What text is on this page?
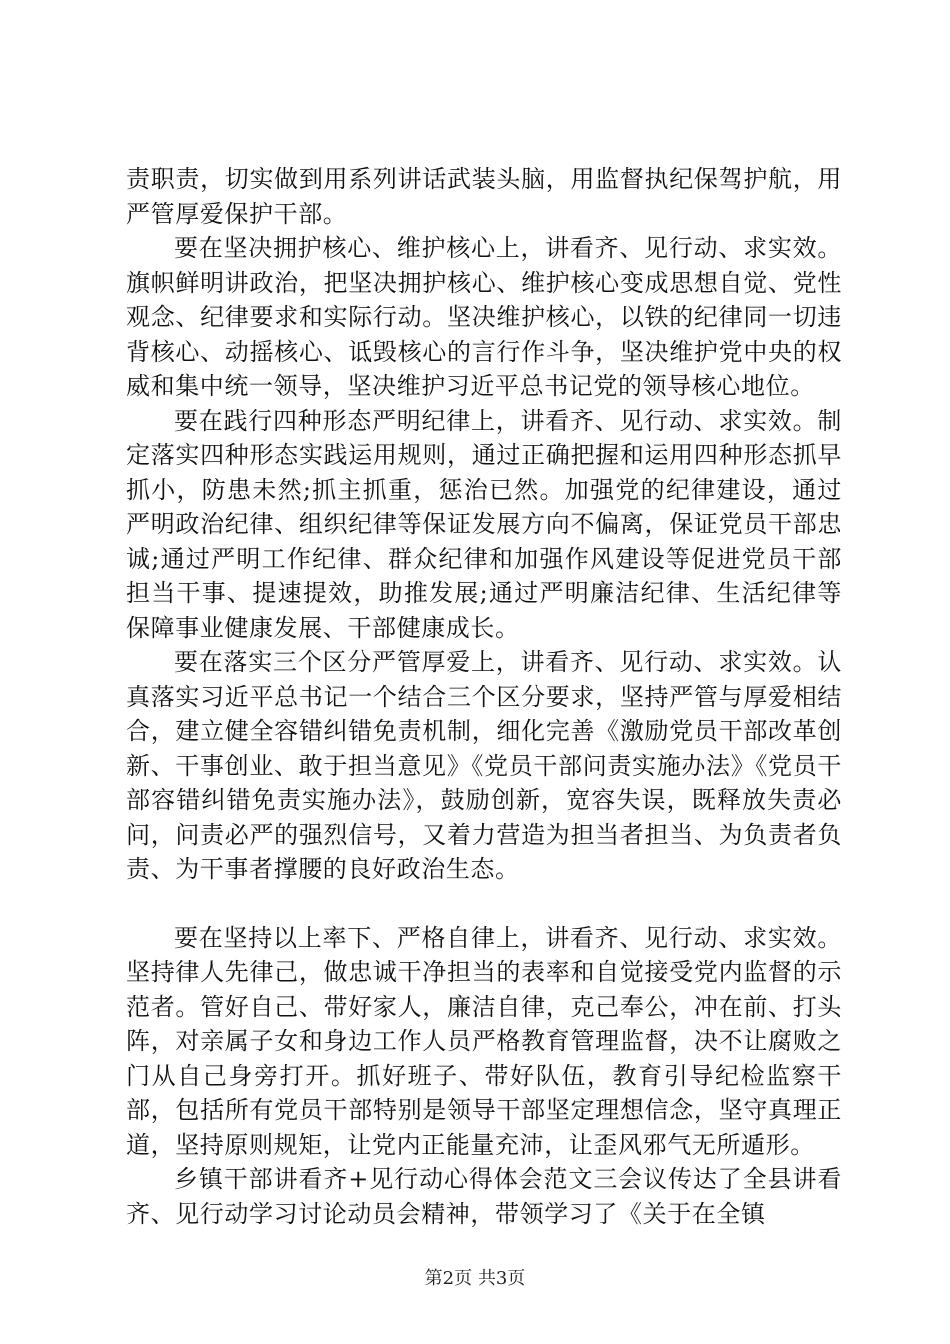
责职责，切实做到用系列讲话武装头脑，用监督执纪保驾护航，用严管厚爱保护干部。

要在坚决拥护核心、维护核心上，讲看齐、见行动、求实效。旗帜鲜明讲政治，把坚决拥护核心、维护核心变成思想自觉、党性观念、纪律要求和实际行动。坚决维护核心，以铁的纪律同一切违背核心、动摇核心、诋毁核心的言行作斗争，坚决维护党中央的权威和集中统一领导，坚决维护习近平总书记党的领导核心地位。

要在践行四种形态严明纪律上，讲看齐、见行动、求实效。制定落实四种形态实践运用规则，通过正确把握和运用四种形态抓早抓小，防患未然;抓主抓重，惩治已然。加强党的纪律建设，通过严明政治纪律、组织纪律等保证发展方向不偏离，保证党员干部忠诚;通过严明工作纪律、群众纪律和加强作风建设等促进党员干部担当干事、提速提效，助推发展;通过严明廉洁纪律、生活纪律等保障事业健康发展、干部健康成长。

要在落实三个区分严管厚爱上，讲看齐、见行动、求实效。认真落实习近平总书记一个结合三个区分要求，坚持严管与厚爱相结合，建立健全容错纠错免责机制，细化完善《激励党员干部改革创新、干事创业、敢于担当意见》《党员干部问责实施办法》《党员干部容错纠错免责实施办法》，鼓励创新，宽容失误，既释放失责必问，问责必严的强烈信号，又着力营造为担当者担当、为负责者负责、为干事者撑腰的良好政治生态。

要在坚持以上率下、严格自律上，讲看齐、见行动、求实效。坚持律人先律己，做忠诚干净担当的表率和自觉接受党内监督的示范者。管好自己、带好家人，廉洁自律，克己奉公，冲在前、打头阵，对亲属子女和身边工作人员严格教育管理监督，决不让腐败之门从自己身旁打开。抓好班子、带好队伍，教育引导纪检监察干部，包括所有党员干部特别是领导干部坚定理想信念，坚守真理正道，坚持原则规矩，让党内正能量充沛，让歪风邪气无所遁形。

乡镇干部讲看齐+见行动心得体会范文三会议传达了全县讲看齐、见行动学习讨论动员会精神，带领学习了《关于在全镇

第2页 共3页
